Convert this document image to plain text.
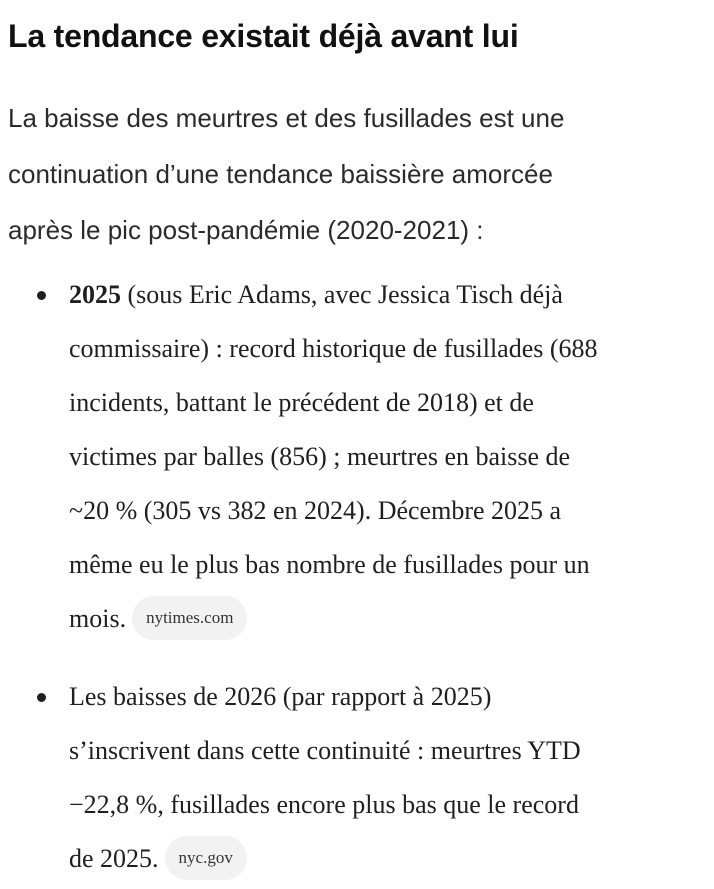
La tendance existait déjà avant lui

La baisse des meurtres et des fusillades est une
continuation d’une tendance baissière amorcée
après le pic post-pandémie (2020-2021) :

2025 (sous Eric Adams, avec Jessica Tisch déjà
commissaire) : record historique de fusillades (688
incidents, battant le précédent de 2018) et de
victimes par balles (856) ; meurtres en baisse de
~20 % (305 vs 382 en 2024). Décembre 2025 a
même eu le plus bas nombre de fusillades pour un
mois. nytimes.com
Les baisses de 2026 (par rapport à 2025)
s’inscrivent dans cette continuité : meurtres YTD
−22,8 %, fusillades encore plus bas que le record
de 2025. nyc.gov
